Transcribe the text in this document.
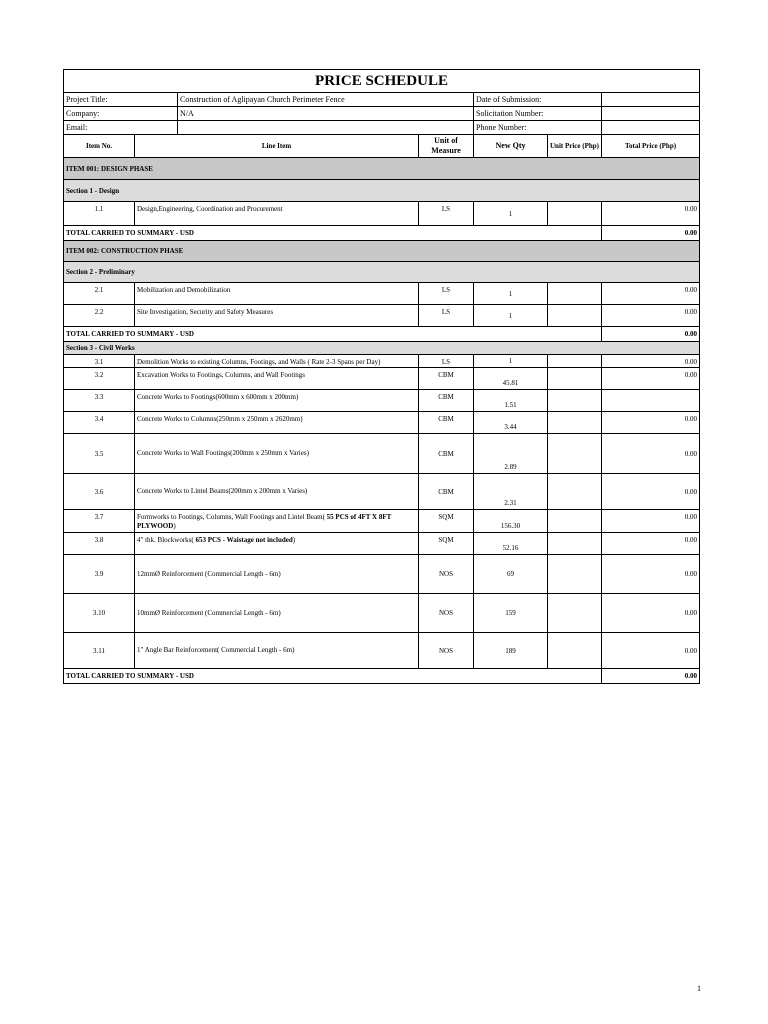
PRICE SCHEDULE						
Project Title:		Construction of Aglipayan Church Perimeter Fence		Date of Submission:		
Company:		N/A		Solicitation Number:		
Email:				Phone Number:		
Item No.	Line Item		Unit of Measure	New Qty	Unit Price (Php)	Total Price (Php)
ITEM 001: DESIGN PHASE						
Section 1 - Design						
1.1	Design,Engineering, Coordination and Procurement		LS	1		0.00
TOTAL CARRIED TO SUMMARY - USD						0.00
ITEM 002: CONSTRUCTION PHASE						
Section 2 - Preliminary						
2.1	Mobilization and Demobilization		LS	1		0.00
2.2	Site Investigation, Security and Safety Measures		LS	1		0.00
TOTAL CARRIED TO SUMMARY - USD						0.00
Section 3 - Civil Works						
3.1	Demolition Works to existing Columns, Footings, and Walls ( Rate 2-3 Spans per Day)		LS	1		0.00
3.2	Excavation Works to Footings, Columns, and Wall Footings		CBM	45.81		0.00
3.3	Concrete Works to Footings(600mm x 600mm x 200mm)		CBM	1.51		
3.4	Concrete Works to Columns(250mm x 250mm x 2620mm)		CBM	3.44		0.00
3.5	Concrete Works to Wall Footings(200mm x 250mm x Varies)		CBM	2.89		0.00
3.6	Concrete Works to Lintel Beams(200mm x 200mm x Varies)		CBM	2.31		0.00
3.7	Formworks to Footings, Columns, Wall Footings and Lintel Beam( 55 PCS of 4FT X 8FT PLYWOOD)		SQM	156.30		0.00
3.8	4" thk. Blockworks( 653 PCS - Waistage not included)		SQM	52.16		0.00
3.9	12mmØ Reinforcement (Commercial Length - 6m)		NOS	69		0.00
3.10	10mmØ Reinforcement (Commercial Length - 6m)		NOS	159		0.00
3.11	1" Angle Bar Reinforcement( Commercial Length - 6m)		NOS	189		0.00
TOTAL CARRIED TO SUMMARY - USD						0.00
1
